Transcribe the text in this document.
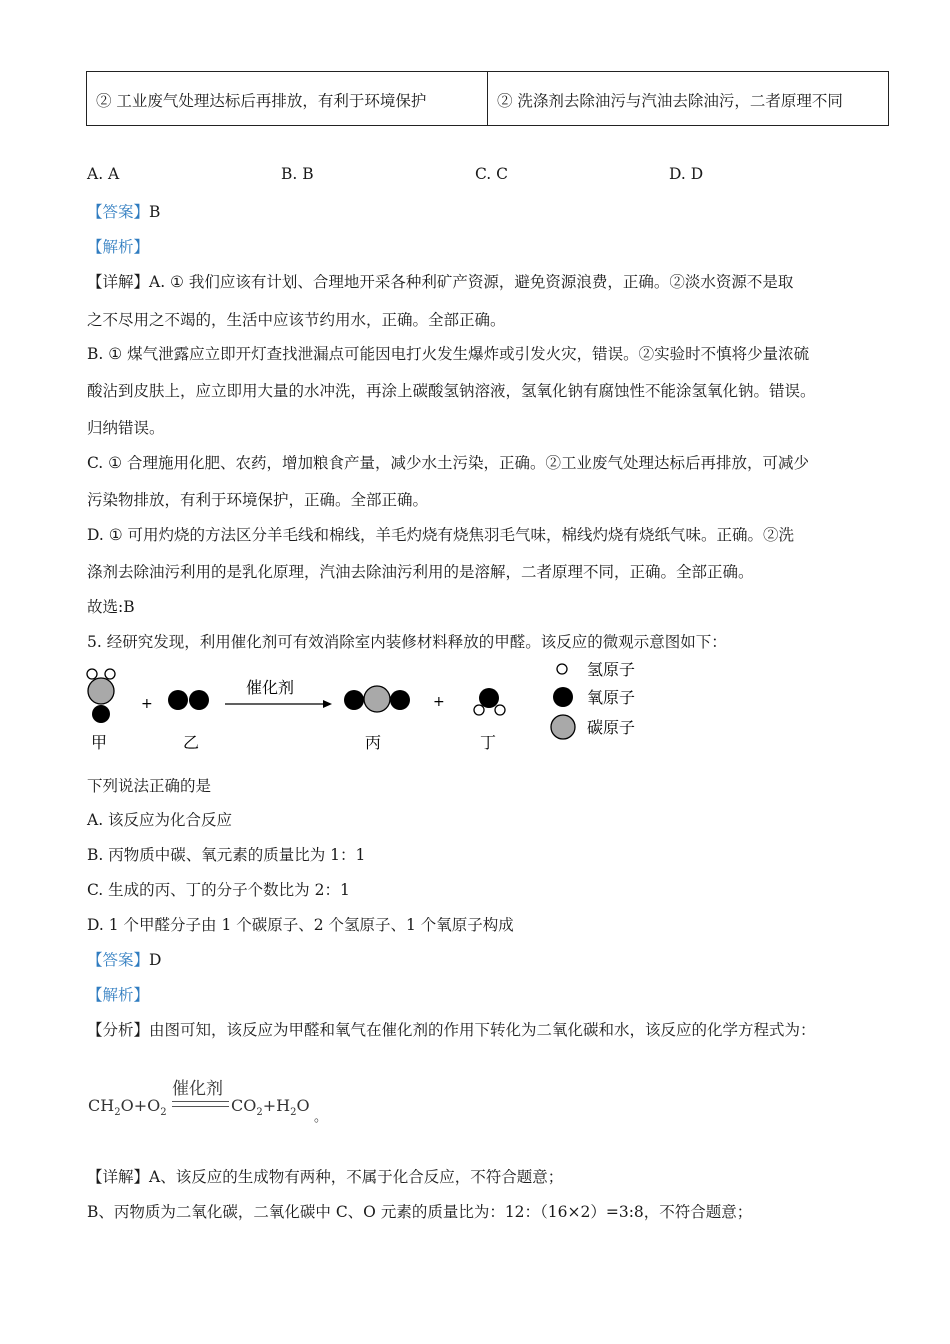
② 工业废气处理达标后再排放，有利于环境保护	② 洗涤剂去除油污与汽油去除油污，二者原理不同
A. A	B. B	C. C	D. D
【答案】B
【解析】
【详解】A. ① 我们应该有计划、合理地开采各种利矿产资源，避免资源浪费，正确。②淡水资源不是取
之不尽用之不竭的，生活中应该节约用水，正确。全部正确。
B. ① 煤气泄露应立即开灯查找泄漏点可能因电打火发生爆炸或引发火灾，错误。②实验时不慎将少量浓硫
酸沾到皮肤上，应立即用大量的水冲洗，再涂上碳酸氢钠溶液，氢氧化钠有腐蚀性不能涂氢氧化钠。错误。
归纳错误。
C. ① 合理施用化肥、农药，增加粮食产量，减少水土污染，正确。②工业废气处理达标后再排放，可减少
污染物排放，有利于环境保护，正确。全部正确。
D. ① 可用灼烧的方法区分羊毛线和棉线，羊毛灼烧有烧焦羽毛气味，棉线灼烧有烧纸气味。正确。②洗
涤剂去除油污利用的是乳化原理，汽油去除油污利用的是溶解，二者原理不同，正确。全部正确。
故选:B
5. 经研究发现，利用催化剂可有效消除室内装修材料释放的甲醛。该反应的微观示意图如下：
+
催化剂
+
甲	乙	丙	丁
氢原子
氧原子
碳原子
下列说法正确的是
A. 该反应为化合反应
B. 丙物质中碳、氧元素的质量比为 1：1
C. 生成的丙、丁的分子个数比为 2：1
D. 1 个甲醛分子由 1 个碳原子、2 个氢原子、1 个氧原子构成
【答案】D
【解析】
【分析】由图可知，该反应为甲醛和氧气在催化剂的作用下转化为二氧化碳和水，该反应的化学方程式为：
$CH_2O+O_2$
催化剂
$CO_2+H_2O$
。
【详解】A、该反应的生成物有两种，不属于化合反应，不符合题意；
B、丙物质为二氧化碳，二氧化碳中 C、O 元素的质量比为：12：（16×2）=3:8，不符合题意；
